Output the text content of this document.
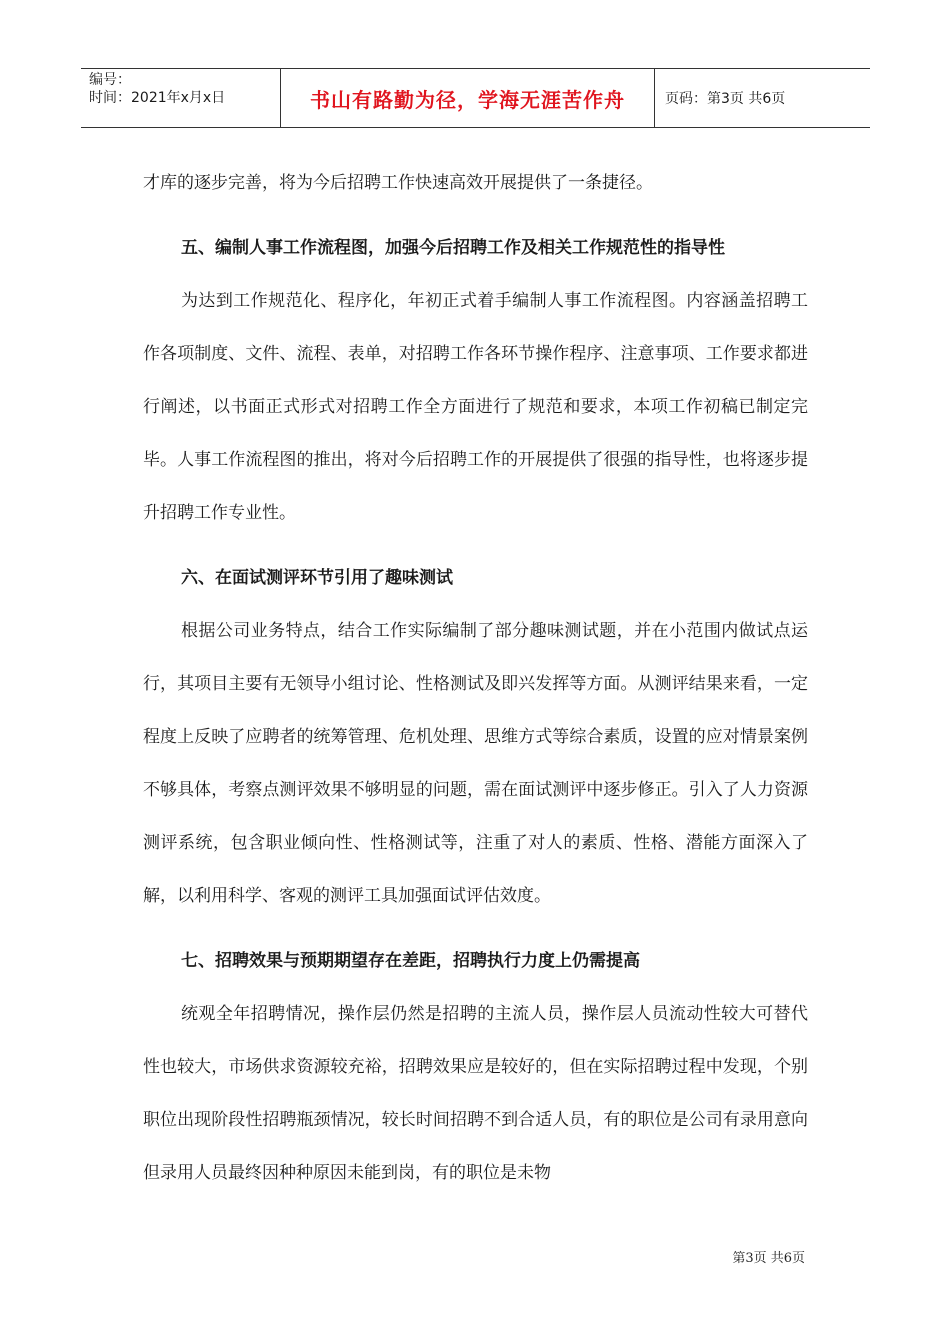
编号：
时间：2021年x月x日	书山有路勤为径，学海无涯苦作舟	页码：第3页 共6页

才库的逐步完善，将为今后招聘工作快速高效开展提供了一条捷径。

五、编制人事工作流程图，加强今后招聘工作及相关工作规范性的指导性

为达到工作规范化、程序化，年初正式着手编制人事工作流程图。内容涵盖招聘工作各项制度、文件、流程、表单，对招聘工作各环节操作程序、注意事项、工作要求都进行阐述，以书面正式形式对招聘工作全方面进行了规范和要求，本项工作初稿已制定完毕。人事工作流程图的推出，将对今后招聘工作的开展提供了很强的指导性，也将逐步提升招聘工作专业性。

六、在面试测评环节引用了趣味测试

根据公司业务特点，结合工作实际编制了部分趣味测试题，并在小范围内做试点运行，其项目主要有无领导小组讨论、性格测试及即兴发挥等方面。从测评结果来看，一定程度上反映了应聘者的统筹管理、危机处理、思维方式等综合素质，设置的应对情景案例不够具体，考察点测评效果不够明显的问题，需在面试测评中逐步修正。引入了人力资源测评系统，包含职业倾向性、性格测试等，注重了对人的素质、性格、潜能方面深入了解，以利用科学、客观的测评工具加强面试评估效度。

七、招聘效果与预期期望存在差距，招聘执行力度上仍需提高

统观全年招聘情况，操作层仍然是招聘的主流人员，操作层人员流动性较大可替代性也较大，市场供求资源较充裕，招聘效果应是较好的，但在实际招聘过程中发现，个别职位出现阶段性招聘瓶颈情况，较长时间招聘不到合适人员，有的职位是公司有录用意向但录用人员最终因种种原因未能到岗，有的职位是未物

第3页 共6页
